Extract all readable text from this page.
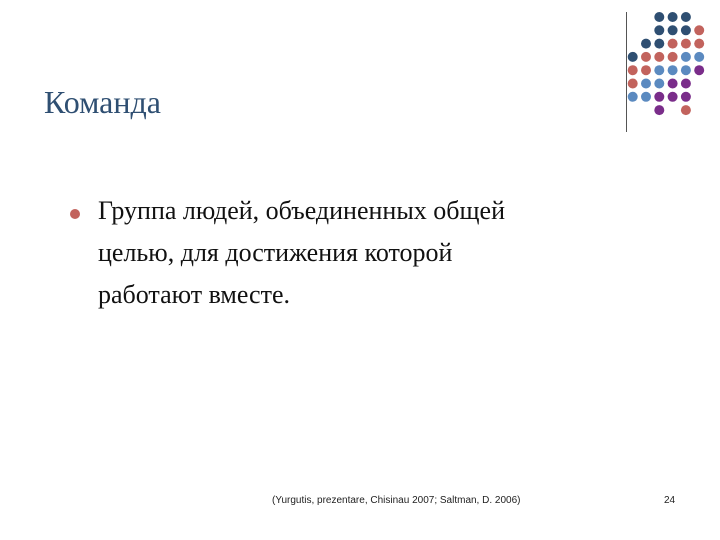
Команда
Группа людей, объединенных общей
целью, для достижения которой
работают вместе.
(Yurgutis, prezentare, Chisinau 2007; Saltman, D. 2006)	24
